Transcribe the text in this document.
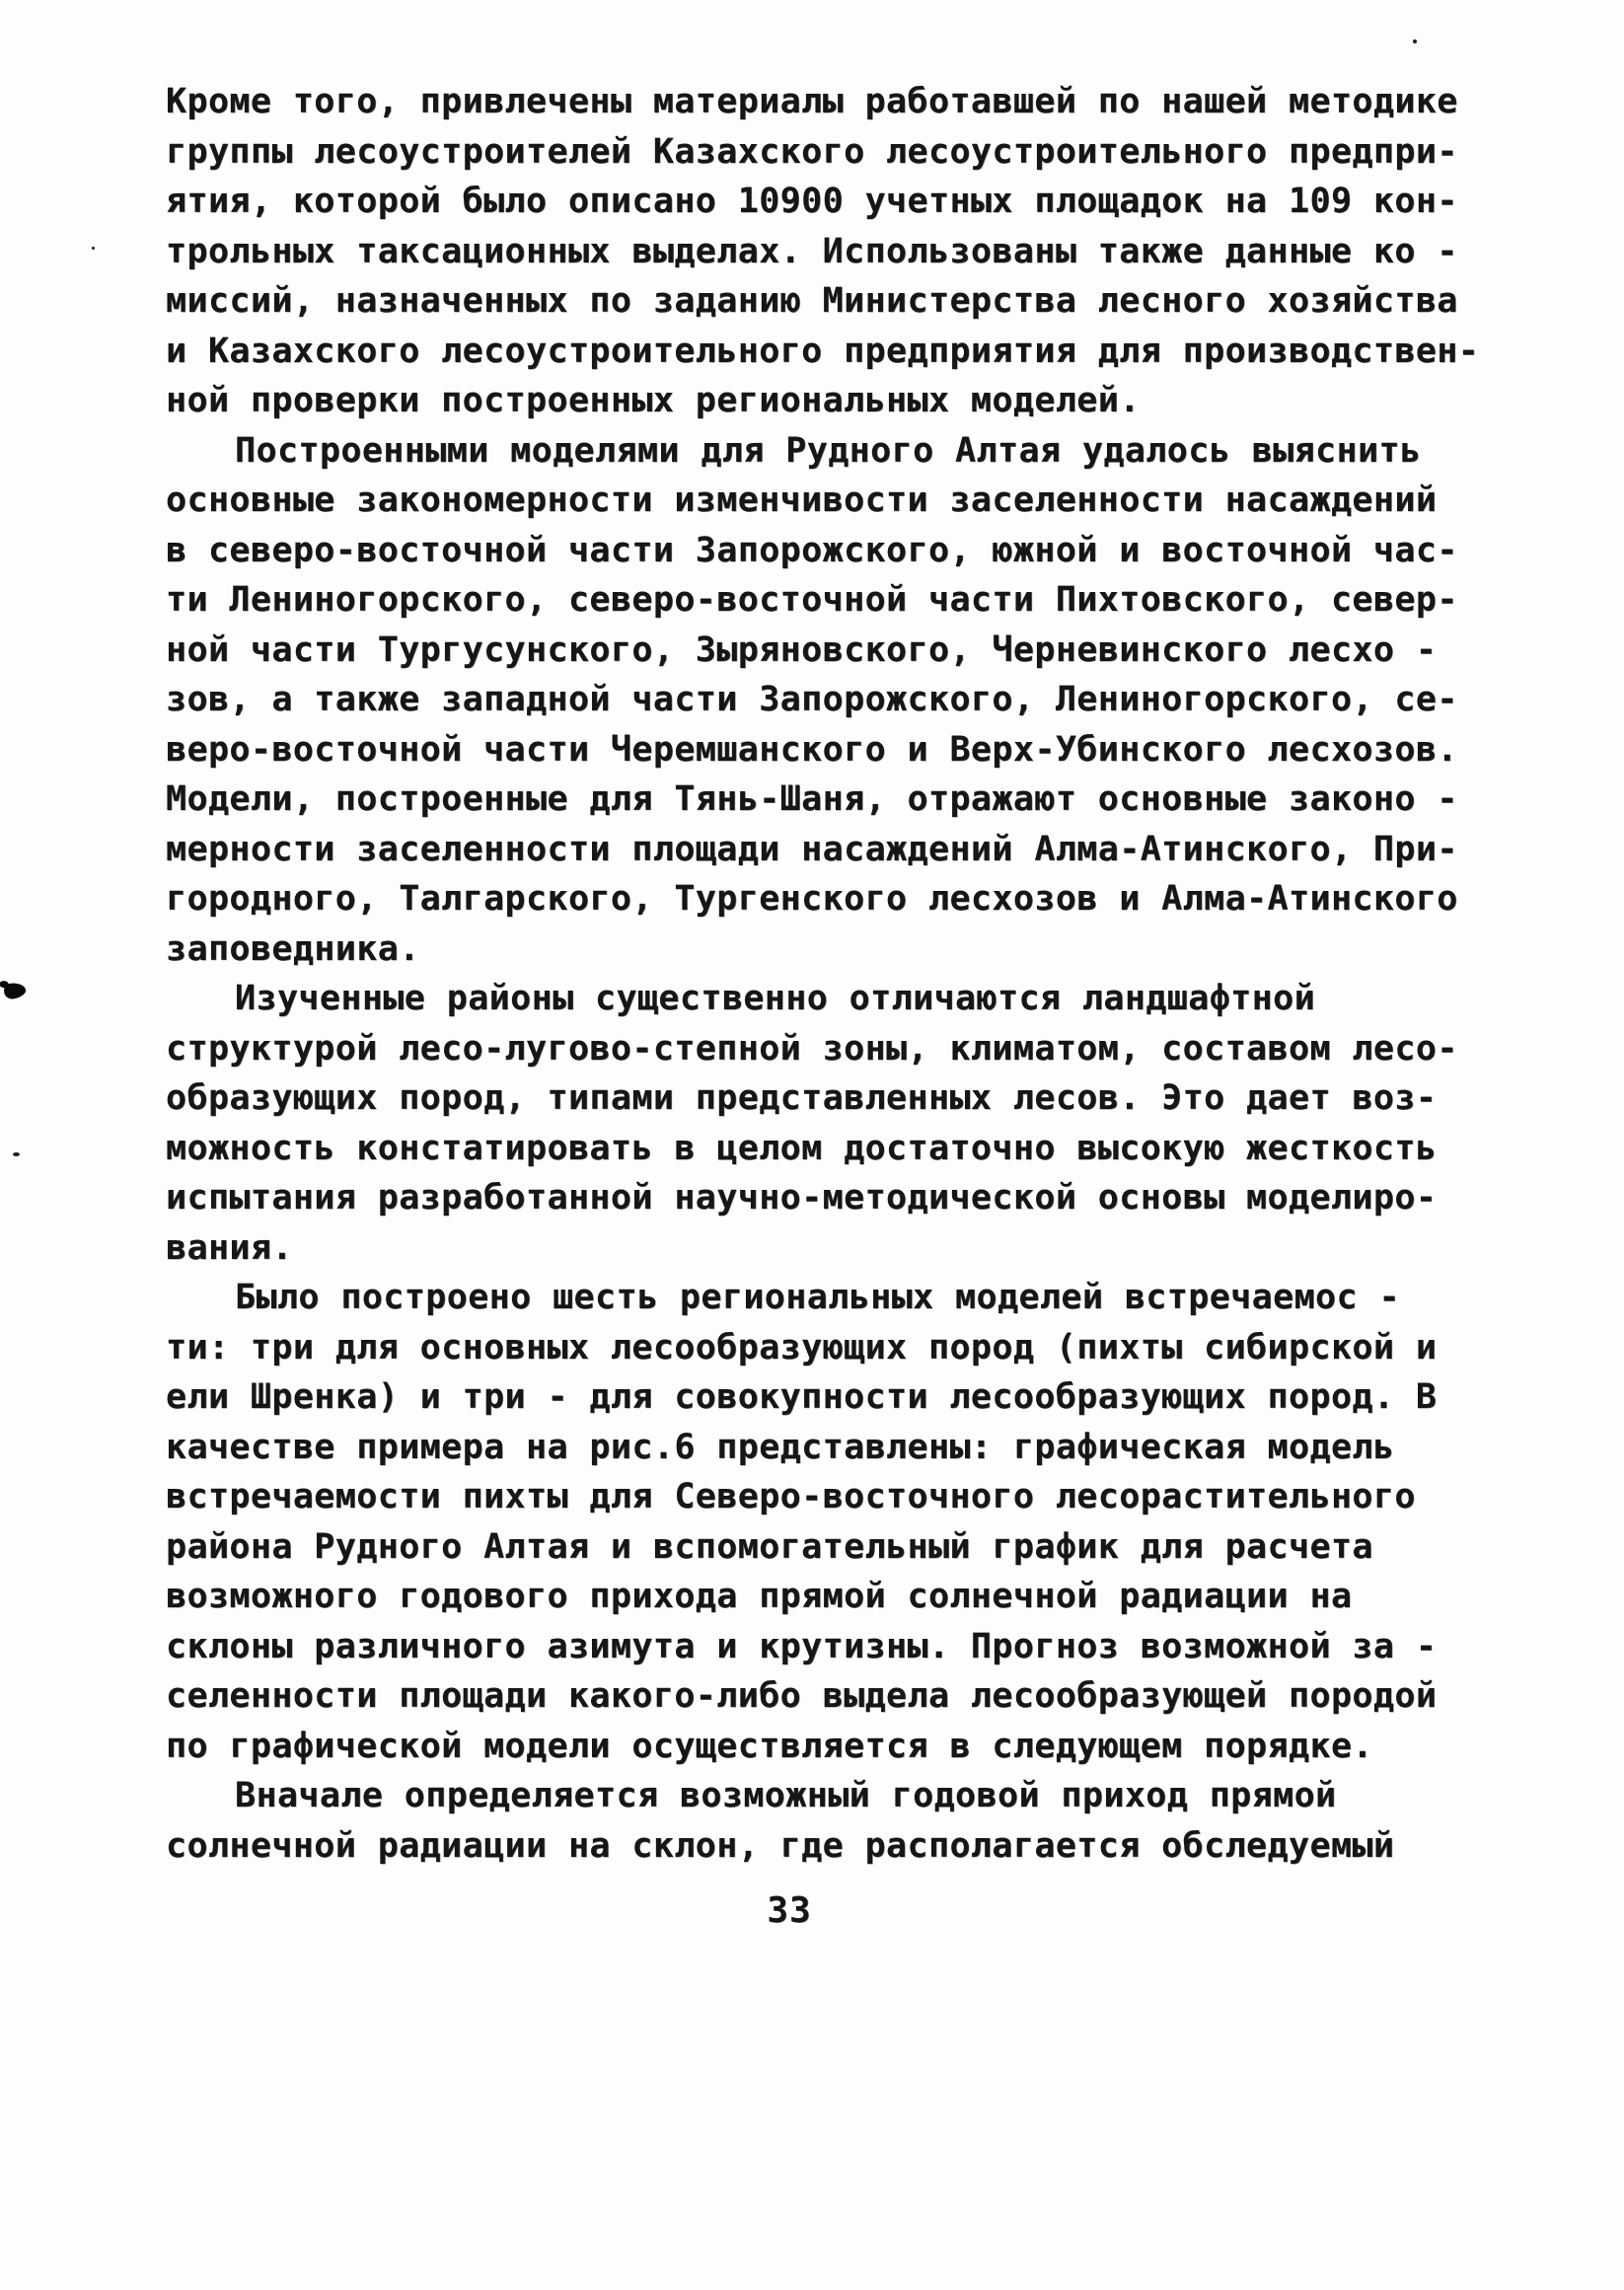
Кроме того, привлечены материалы работавшей по нашей методике
группы лесоустроителей Казахского лесоустроительного предпри-
ятия, которой было описано 10900 учетных площадок на 109 кон-
трольных таксационных выделах. Использованы также данные ко -
миссий, назначенных по заданию Министерства лесного хозяйства
и Казахского лесоустроительного предприятия для производствен-
ной проверки построенных региональных моделей.
Построенными моделями для Рудного Алтая удалось выяснить
основные закономерности изменчивости заселенности насаждений
в северо-восточной части Запорожского, южной и восточной час-
ти Лениногорского, северо-восточной части Пихтовского, север-
ной части Тургусунского, Зыряновского, Черневинского лесхо -
зов, а также западной части Запорожского, Лениногорского, се-
веро-восточной части Черемшанского и Верх-Убинского лесхозов.
Модели, построенные для Тянь-Шаня, отражают основные законо -
мерности заселенности площади насаждений Алма-Атинского, При-
городного, Талгарского, Тургенского лесхозов и Алма-Атинского
заповедника.
Изученные районы существенно отличаются ландшафтной
структурой лесо-лугово-степной зоны, климатом, составом лесо-
образующих пород, типами представленных лесов. Это дает воз-
можность констатировать в целом достаточно высокую жесткость
испытания разработанной научно-методической основы моделиро-
вания.
Было построено шесть региональных моделей встречаемос -
ти: три для основных лесообразующих пород (пихты сибирской и
ели Шренка) и три - для совокупности лесообразующих пород. В
качестве примера на рис.6 представлены: графическая модель
встречаемости пихты для Северо-восточного лесорастительного
района Рудного Алтая и вспомогательный график для расчета
возможного годового прихода прямой солнечной радиации на
склоны различного азимута и крутизны. Прогноз возможной за -
селенности площади какого-либо выдела лесообразующей породой
по графической модели осуществляется в следующем порядке.
Вначале определяется возможный годовой приход прямой
солнечной радиации на склон, где располагается обследуемый
33
